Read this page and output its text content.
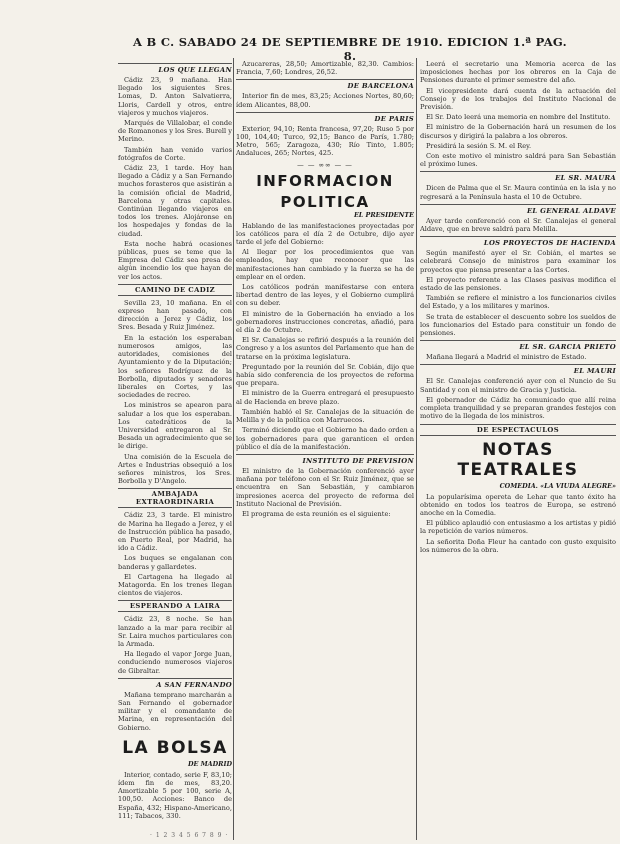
A B C. SABADO 24 DE SEPTIEMBRE DE 1910. EDICION 1.ª PAG. 8.
LOS QUE LLEGAN

Cádiz 23, 9 mañana. Han llegado los siguientes Sres. Lomas, D. Anton Salvatierra, Lloris, Cardell y otros, entre viajeros y muchos viajeros.

Marqués de Villalobar, el conde de Romanones y los Sres. Burell y Merino.

También han venido varios fotógrafos de Corte.

Cádiz 23, 1 tarde. Hoy han llegado a Cádiz y a San Fernando muchos forasteros que asistirán a la comisión oficial de Madrid, Barcelona y otras capitales. Continúan llegando viajeros en todos los trenes. Alojáronse en los hospedajes y fondas de la ciudad.

Esta noche habrá ocasiones públicas, pues se teme que la Empresa del Cádiz sea presa de algún incendio los que hayan de ver los actos.

CAMINO DE CADIZ

Sevilla 23, 10 mañana. En el expreso han pasado, con dirección a Jerez y Cádiz, los Sres. Besada y Ruiz Jiménez.

En la estación los esperaban numerosos amigos, las autoridades, comisiones del Ayuntamiento y de la Diputación; los señores Rodríguez de la Borbolla, diputados y senadores liberales en Cortes, y las sociedades de recreo.

Los ministros se apearon para saludar a los que los esperaban. Los catedráticos de la Universidad entregaron al Sr. Besada un agradecimiento que se le dirige.

Una comisión de la Escuela de Artes e Industrias obsequió a los señores ministros, los Sres. Borbolla y D'Angelo.

AMBAJADA EXTRAORDINARIA

Cádiz 23, 3 tarde. El ministro de Marina ha llegado a Jerez, y el de Instrucción pública ha pasado, en Puerto Real, por Madrid, ha ido a Cádiz.

Los buques se engalanan con banderas y gallardetes.

El Cartagena ha llegado al Matagorda. En los trenes llegan cientos de viajeros.

ESPERANDO A LAIRA

Cádiz 23, 8 noche. Se han lanzado a la mar para recibir al Sr. Laira muchos particulares con la Armada.

Ha llegado el vapor Jorge Juan, conduciendo numerosos viajeros de Gibraltar.

A SAN FERNANDO

Mañana temprano marcharán a San Fernando el gobernador militar y el comandante de Marina, en representación del Gobierno.

LA BOLSA
DE MADRID

Interior, contado, serie F, 83,10; ídem fin de mes, 83,20. Amortizable 5 por 100, serie A, 100,50. Acciones: Banco de España, 432; Hispano-Americano, 111; Tabacos, 330.

Azucareras, 28,50; Amortizable, 82,30. Cambios: Francia, 7,60; Londres, 26,52.

DE BARCELONA

Interior fin de mes, 83,25; Acciones Nortes, 80,60; ídem Alicantes, 88,00.

DE PARIS

Exterior, 94,10; Renta francesa, 97,20; Ruso 5 por 100, 104,40; Turco, 92,15; Banco de París, 1.780; Metro, 565; Zaragoza, 430; Río Tinto, 1.805; Andaluces, 265; Nortes, 425.

— — ∞∞ — —
INFORMACION
POLITICA
EL PRESIDENTE

Hablando de las manifestaciones proyectadas por los católicos para el día 2 de Octubre, dijo ayer tarde el jefe del Gobierno:

Al llegar por los procedimientos que van empleados, hay que reconocer que las manifestaciones han cambiado y la fuerza se ha de emplear en el orden.

Los católicos podrán manifestarse con entera libertad dentro de las leyes, y el Gobierno cumplirá con su deber.

El ministro de la Gobernación ha enviado a los gobernadores instrucciones concretas, añadió, para el día 2 de Octubre.

El Sr. Canalejas se refirió después a la reunión del Congreso y a los asuntos del Parlamento que han de tratarse en la próxima legislatura.

Preguntado por la reunión del Sr. Cobián, dijo que había sido conferencia de los proyectos de reforma que prepara.

El ministro de la Guerra entregará el presupuesto al de Hacienda en breve plazo.

También habló el Sr. Canalejas de la situación de Melilla y de la política con Marruecos.

Terminó diciendo que el Gobierno ha dado orden a los gobernadores para que garanticen el orden público el día de la manifestación.

INSTITUTO DE PREVISION

El ministro de la Gobernación conferenció ayer mañana por teléfono con el Sr. Ruiz Jiménez, que se encuentra en San Sebastián, y cambiaron impresiones acerca del proyecto de reforma del Instituto Nacional de Previsión.

El programa de esta reunión es el siguiente:

Leerá el secretario una Memoria acerca de las imposiciones hechas por los obreros en la Caja de Pensiones durante el primer semestre del año.

El vicepresidente dará cuenta de la actuación del Consejo y de los trabajos del Instituto Nacional de Previsión.

El Sr. Dato leerá una memoria en nombre del Instituto.

El ministro de la Gobernación hará un resumen de los discursos y dirigirá la palabra a los obreros.

Presidirá la sesión S. M. el Rey.

Con este motivo el ministro saldrá para San Sebastián el próximo lunes.

EL SR. MAURA

Dicen de Palma que el Sr. Maura continúa en la isla y no regresará a la Península hasta el 10 de Octubre.

EL GENERAL ALDAVE

Ayer tarde conferenció con el Sr. Canalejas el general Aldave, que en breve saldrá para Melilla.

LOS PROYECTOS DE HACIENDA

Según manifestó ayer el Sr. Cobián, el martes se celebrará Consejo de ministros para examinar los proyectos que piensa presentar a las Cortes.

El proyecto referente a las Clases pasivas modifica el estado de las pensiones.

También se refiere el ministro a los funcionarios civiles del Estado, y a los militares y marinos.

Se trata de establecer el descuento sobre los sueldos de los funcionarios del Estado para constituir un fondo de pensiones.

EL SR. GARCIA PRIETO

Mañana llegará a Madrid el ministro de Estado.

EL MAURI

El Sr. Canalejas conferenció ayer con el Nuncio de Su Santidad y con el ministro de Gracia y Justicia.

El gobernador de Cádiz ha comunicado que allí reina completa tranquilidad y se preparan grandes festejos con motivo de la llegada de los ministros.

DE ESPECTACULOS
NOTAS TEATRALES
COMEDIA. «LA VIUDA ALEGRE»

La popularísima opereta de Lehar que tanto éxito ha obtenido en todos los teatros de Europa, se estrenó anoche en la Comedia.

El público aplaudió con entusiasmo a los artistas y pidió la repetición de varios números.

La señorita Doña Fleur ha cantado con gusto exquisito los números de la obra.

· 1 2 3 4 5 6 7 8 9 ·
